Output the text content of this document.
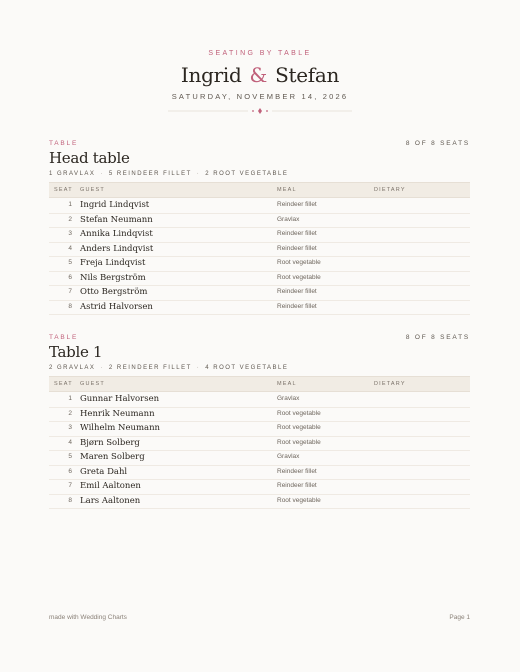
SEATING BY TABLE
Ingrid & Stefan
SATURDAY, NOVEMBER 14, 2026
TABLE	8 OF 8 SEATS
Head table
1 GRAVLAX · 5 REINDEER FILLET · 2 ROOT VEGETABLE
SEAT GUEST	MEAL	DIETARY
1 Ingrid Lindqvist	Reindeer fillet
2 Stefan Neumann	Gravlax
3 Annika Lindqvist	Reindeer fillet
4 Anders Lindqvist	Reindeer fillet
5 Freja Lindqvist	Root vegetable
6 Nils Bergström	Root vegetable
7 Otto Bergström	Reindeer fillet
8 Astrid Halvorsen	Reindeer fillet
TABLE	8 OF 8 SEATS
Table 1
2 GRAVLAX · 2 REINDEER FILLET · 4 ROOT VEGETABLE
SEAT GUEST	MEAL	DIETARY
1 Gunnar Halvorsen	Gravlax
2 Henrik Neumann	Root vegetable
3 Wilhelm Neumann	Root vegetable
4 Bjørn Solberg	Root vegetable
5 Maren Solberg	Gravlax
6 Greta Dahl	Reindeer fillet
7 Emil Aaltonen	Reindeer fillet
8 Lars Aaltonen	Root vegetable
made with Wedding Charts	Page 1
